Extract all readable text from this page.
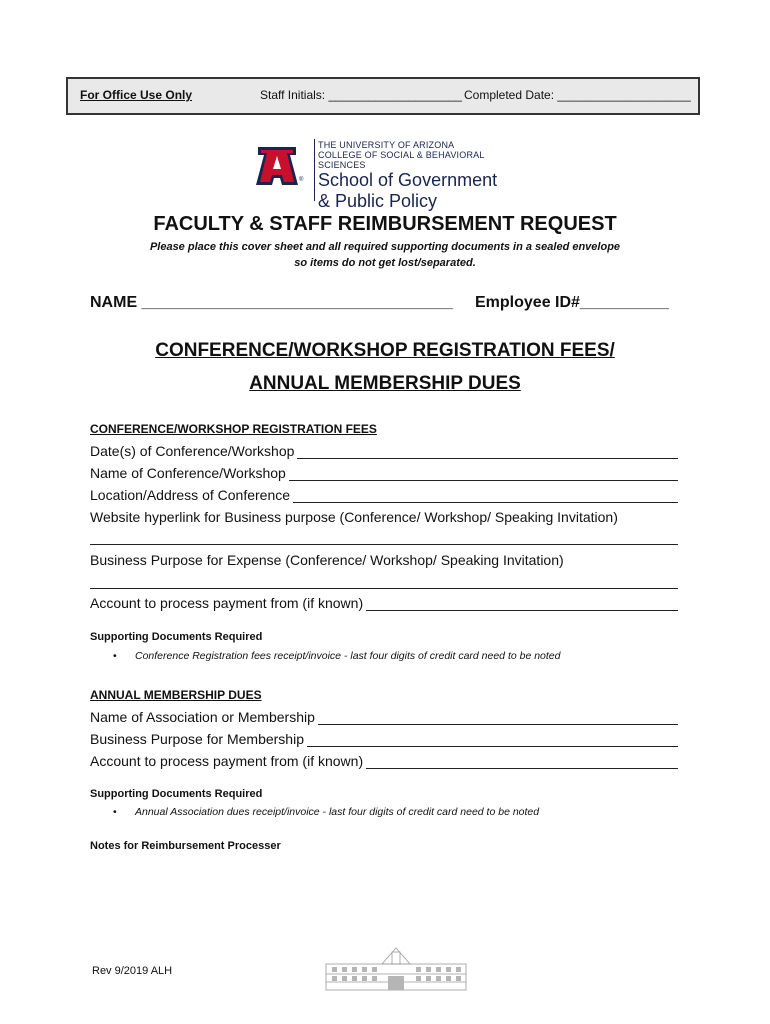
For Office Use Only	Staff Initials: ____________________ Completed Date: ____________________
A
®
THE UNIVERSITY OF ARIZONA
COLLEGE OF SOCIAL & BEHAVIORAL SCIENCES
School of Government
& Public Policy
FACULTY & STAFF REIMBURSEMENT REQUEST
Please place this cover sheet and all required supporting documents in a sealed envelope
so items do not get lost/separated.
NAME ___________________________________ Employee ID#__________
CONFERENCE/WORKSHOP REGISTRATION FEES/
ANNUAL MEMBERSHIP DUES
CONFERENCE/WORKSHOP REGISTRATION FEES
Date(s) of Conference/Workshop
Name of Conference/Workshop
Location/Address of Conference
Website hyperlink for Business purpose (Conference/ Workshop/ Speaking Invitation)
Business Purpose for Expense (Conference/ Workshop/ Speaking Invitation)
Account to process payment from (if known)
Supporting Documents Required
• Conference Registration fees receipt/invoice - last four digits of credit card need to be noted
ANNUAL MEMBERSHIP DUES
Name of Association or Membership
Business Purpose for Membership
Account to process payment from (if known)
Supporting Documents Required
• Annual Association dues receipt/invoice - last four digits of credit card need to be noted
Notes for Reimbursement Processer
Rev 9/2019 ALH
